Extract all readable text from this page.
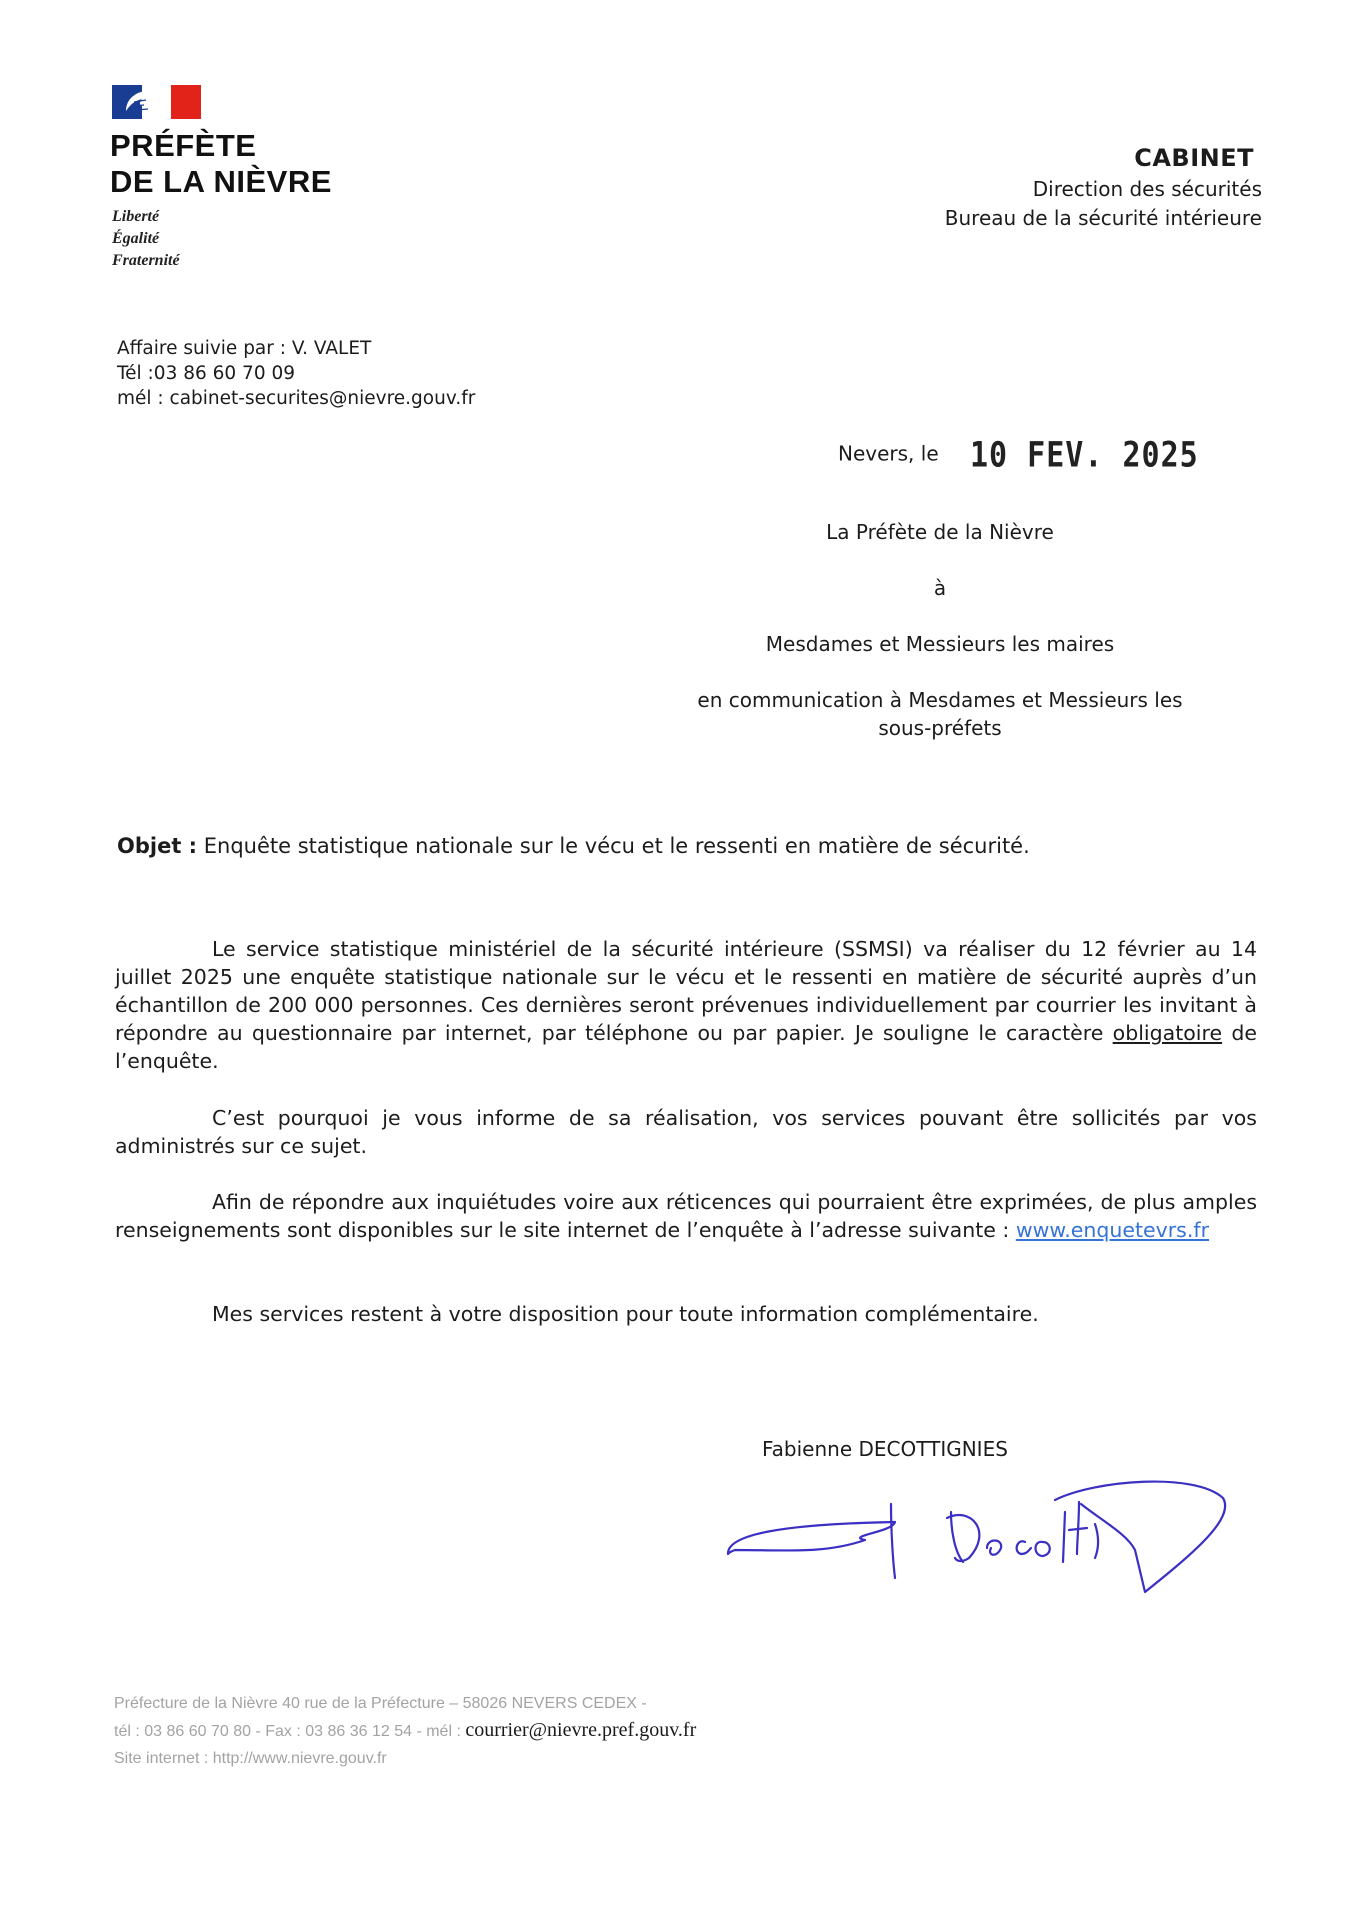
PRÉFÈTE
DE LA NIÈVRE
Liberté
Égalité
Fraternité
CABINET
Direction des sécurités
Bureau de la sécurité intérieure
Affaire suivie par : V. VALET
Tél :03 86 60 70 09
mél : cabinet-securites@nievre.gouv.fr
Nevers, le 10 FEV. 2025
La Préfète de la Nièvre
à
Mesdames et Messieurs les maires
en communication à Mesdames et Messieurs les
sous-préfets
Objet : Enquête statistique nationale sur le vécu et le ressenti en matière de sécurité.
Le service statistique ministériel de la sécurité intérieure (SSMSI) va réaliser du 12 février au 14 juillet 2025 une enquête statistique nationale sur le vécu et le ressenti en matière de sécurité auprès d’un échantillon de 200 000 personnes. Ces dernières seront prévenues individuellement par courrier les invitant à répondre au questionnaire par internet, par téléphone ou par papier. Je souligne le caractère obligatoire de l’enquête.
C’est pourquoi je vous informe de sa réalisation, vos services pouvant être sollicités par vos administrés sur ce sujet.
Afin de répondre aux inquiétudes voire aux réticences qui pourraient être exprimées, de plus amples renseignements sont disponibles sur le site internet de l’enquête à l’adresse suivante : www.enquetevrs.fr
Mes services restent à votre disposition pour toute information complémentaire.
Fabienne DECOTTIGNIES
Préfecture de la Nièvre 40 rue de la Préfecture – 58026 NEVERS CEDEX -
tél : 03 86 60 70 80 - Fax : 03 86 36 12 54 - mél : courrier@nievre.pref.gouv.fr
Site internet : http://www.nievre.gouv.fr
